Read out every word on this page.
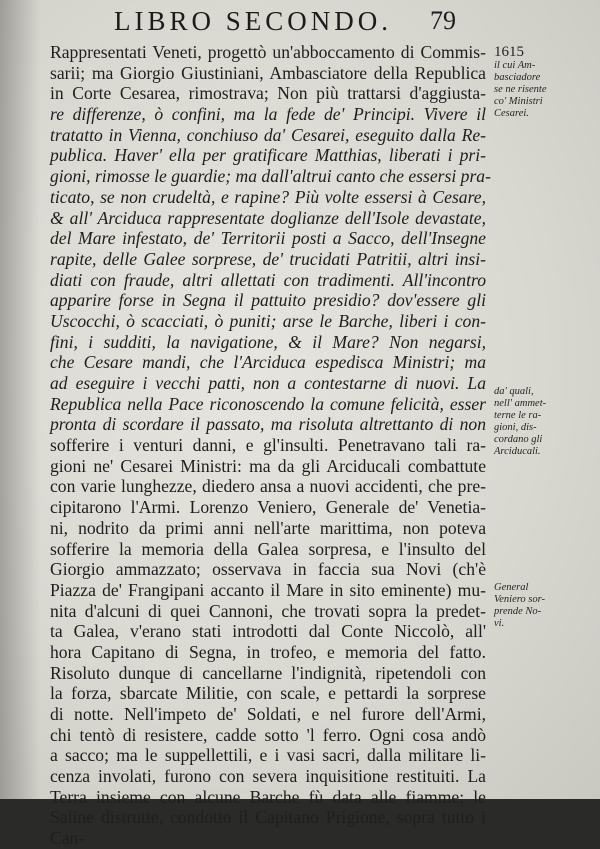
LIBRO SECONDO. 79
Rappresentati Veneti, progettò un'abboccamento di Commis-
sarii; ma Giorgio Giustiniani, Ambasciatore della Republica
in Corte Cesarea, rimostrava; Non più trattarsi d'aggiusta-
re differenze, ò confini, ma la fede de' Principi. Vivere il
tratatto in Vienna, conchiuso da' Cesarei, eseguito dalla Re-
publica. Haver' ella per gratificare Matthias, liberati i pri-
gioni, rimosse le guardie; ma dall'altrui canto che essersi pra-
ticato, se non crudeltà, e rapine? Più volte essersi à Cesare,
& all' Arciduca rappresentate doglianze dell'Isole devastate,
del Mare infestato, de' Territorii posti a Sacco, dell'Insegne
rapite, delle Galee sorprese, de' trucidati Patritii, altri insi-
diati con fraude, altri allettati con tradimenti. All'incontro
apparire forse in Segna il pattuito presidio? dov'essere gli
Uscocchi, ò scacciati, ò puniti; arse le Barche, liberi i con-
fini, i sudditi, la navigatione, & il Mare? Non negarsi,
che Cesare mandi, che l'Arciduca espedisca Ministri; ma
ad eseguire i vecchi patti, non a contestarne di nuovi. La
Republica nella Pace riconoscendo la comune felicità, esser
pronta di scordare il passato, ma risoluta altrettanto di non
sofferire i venturi danni, e gl'insulti. Penetravano tali ra-
gioni ne' Cesarei Ministri: ma da gli Arciducali combattute
con varie lunghezze, diedero ansa a nuovi accidenti, che pre-
cipitarono l'Armi. Lorenzo Veniero, Generale de' Venetia-
ni, nodrito da primi anni nell'arte marittima, non poteva
sofferire la memoria della Galea sorpresa, e l'insulto del
Giorgio ammazzato; osservava in faccia sua Novi (ch'è
Piazza de' Frangipani accanto il Mare in sito eminente) mu-
nita d'alcuni di quei Cannoni, che trovati sopra la predet-
ta Galea, v'erano stati introdotti dal Conte Niccolò, all'
hora Capitano di Segna, in trofeo, e memoria del fatto.
Risoluto dunque di cancellarne l'indignità, ripetendoli con
la forza, sbarcate Militie, con scale, e pettardi la sorprese
di notte. Nell'impeto de' Soldati, e nel furore dell'Armi,
chi tentò di resistere, cadde sotto 'l ferro. Ogni cosa andò
a sacco; ma le suppellettili, e i vasi sacri, dalla militare li-
cenza involati, furono con severa inquisitione restituiti. La
Terra insieme con alcune Barche fù data alle fiamme; le
Saline distrutte, condotto il Capitano Prigione, sopra tutto i
Can-
1615
il cui Am-
basciadore
se ne risente
co' Ministri
Cesarei.
da' quali,
nell' ammet-
terne le ra-
gioni, dis-
cordano gli
Arciducali.
General
Veniero sor-
prende No-
vi.
